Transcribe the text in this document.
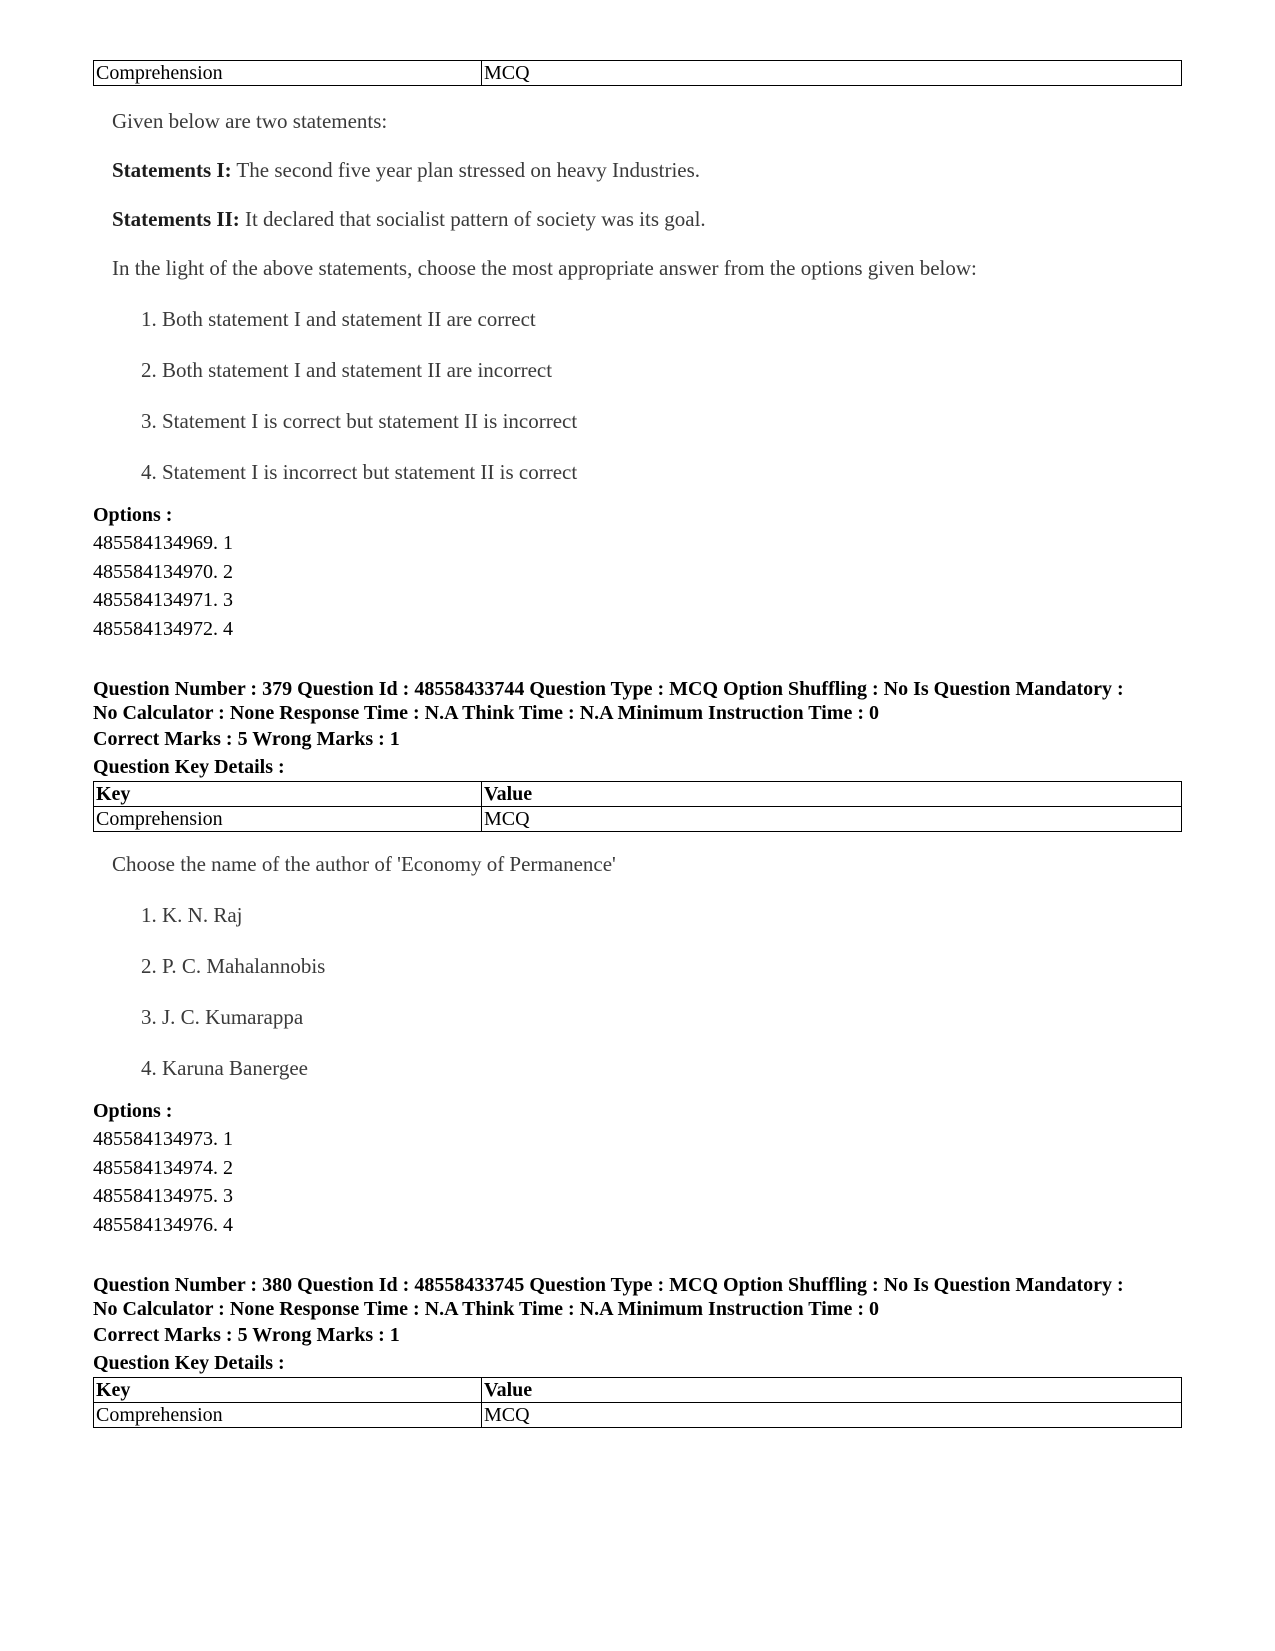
Comprehension	MCQ

Given below are two statements:

Statements I: The second five year plan stressed on heavy Industries.

Statements II: It declared that socialist pattern of society was its goal.

In the light of the above statements, choose the most appropriate answer from the options given below:

1. Both statement I and statement II are correct

2. Both statement I and statement II are incorrect

3. Statement I is correct but statement II is incorrect

4. Statement I is incorrect but statement II is correct

Options :
485584134969. 1
485584134970. 2
485584134971. 3
485584134972. 4
Question Number : 379 Question Id : 48558433744 Question Type : MCQ Option Shuffling : No Is Question Mandatory :
No Calculator : None Response Time : N.A Think Time : N.A Minimum Instruction Time : 0
Correct Marks : 5 Wrong Marks : 1
Question Key Details :
Key	Value
Comprehension	MCQ

Choose the name of the author of 'Economy of Permanence'

1. K. N. Raj

2. P. C. Mahalannobis

3. J. C. Kumarappa

4. Karuna Banergee

Options :
485584134973. 1
485584134974. 2
485584134975. 3
485584134976. 4
Question Number : 380 Question Id : 48558433745 Question Type : MCQ Option Shuffling : No Is Question Mandatory :
No Calculator : None Response Time : N.A Think Time : N.A Minimum Instruction Time : 0
Correct Marks : 5 Wrong Marks : 1
Question Key Details :
Key	Value
Comprehension	MCQ
